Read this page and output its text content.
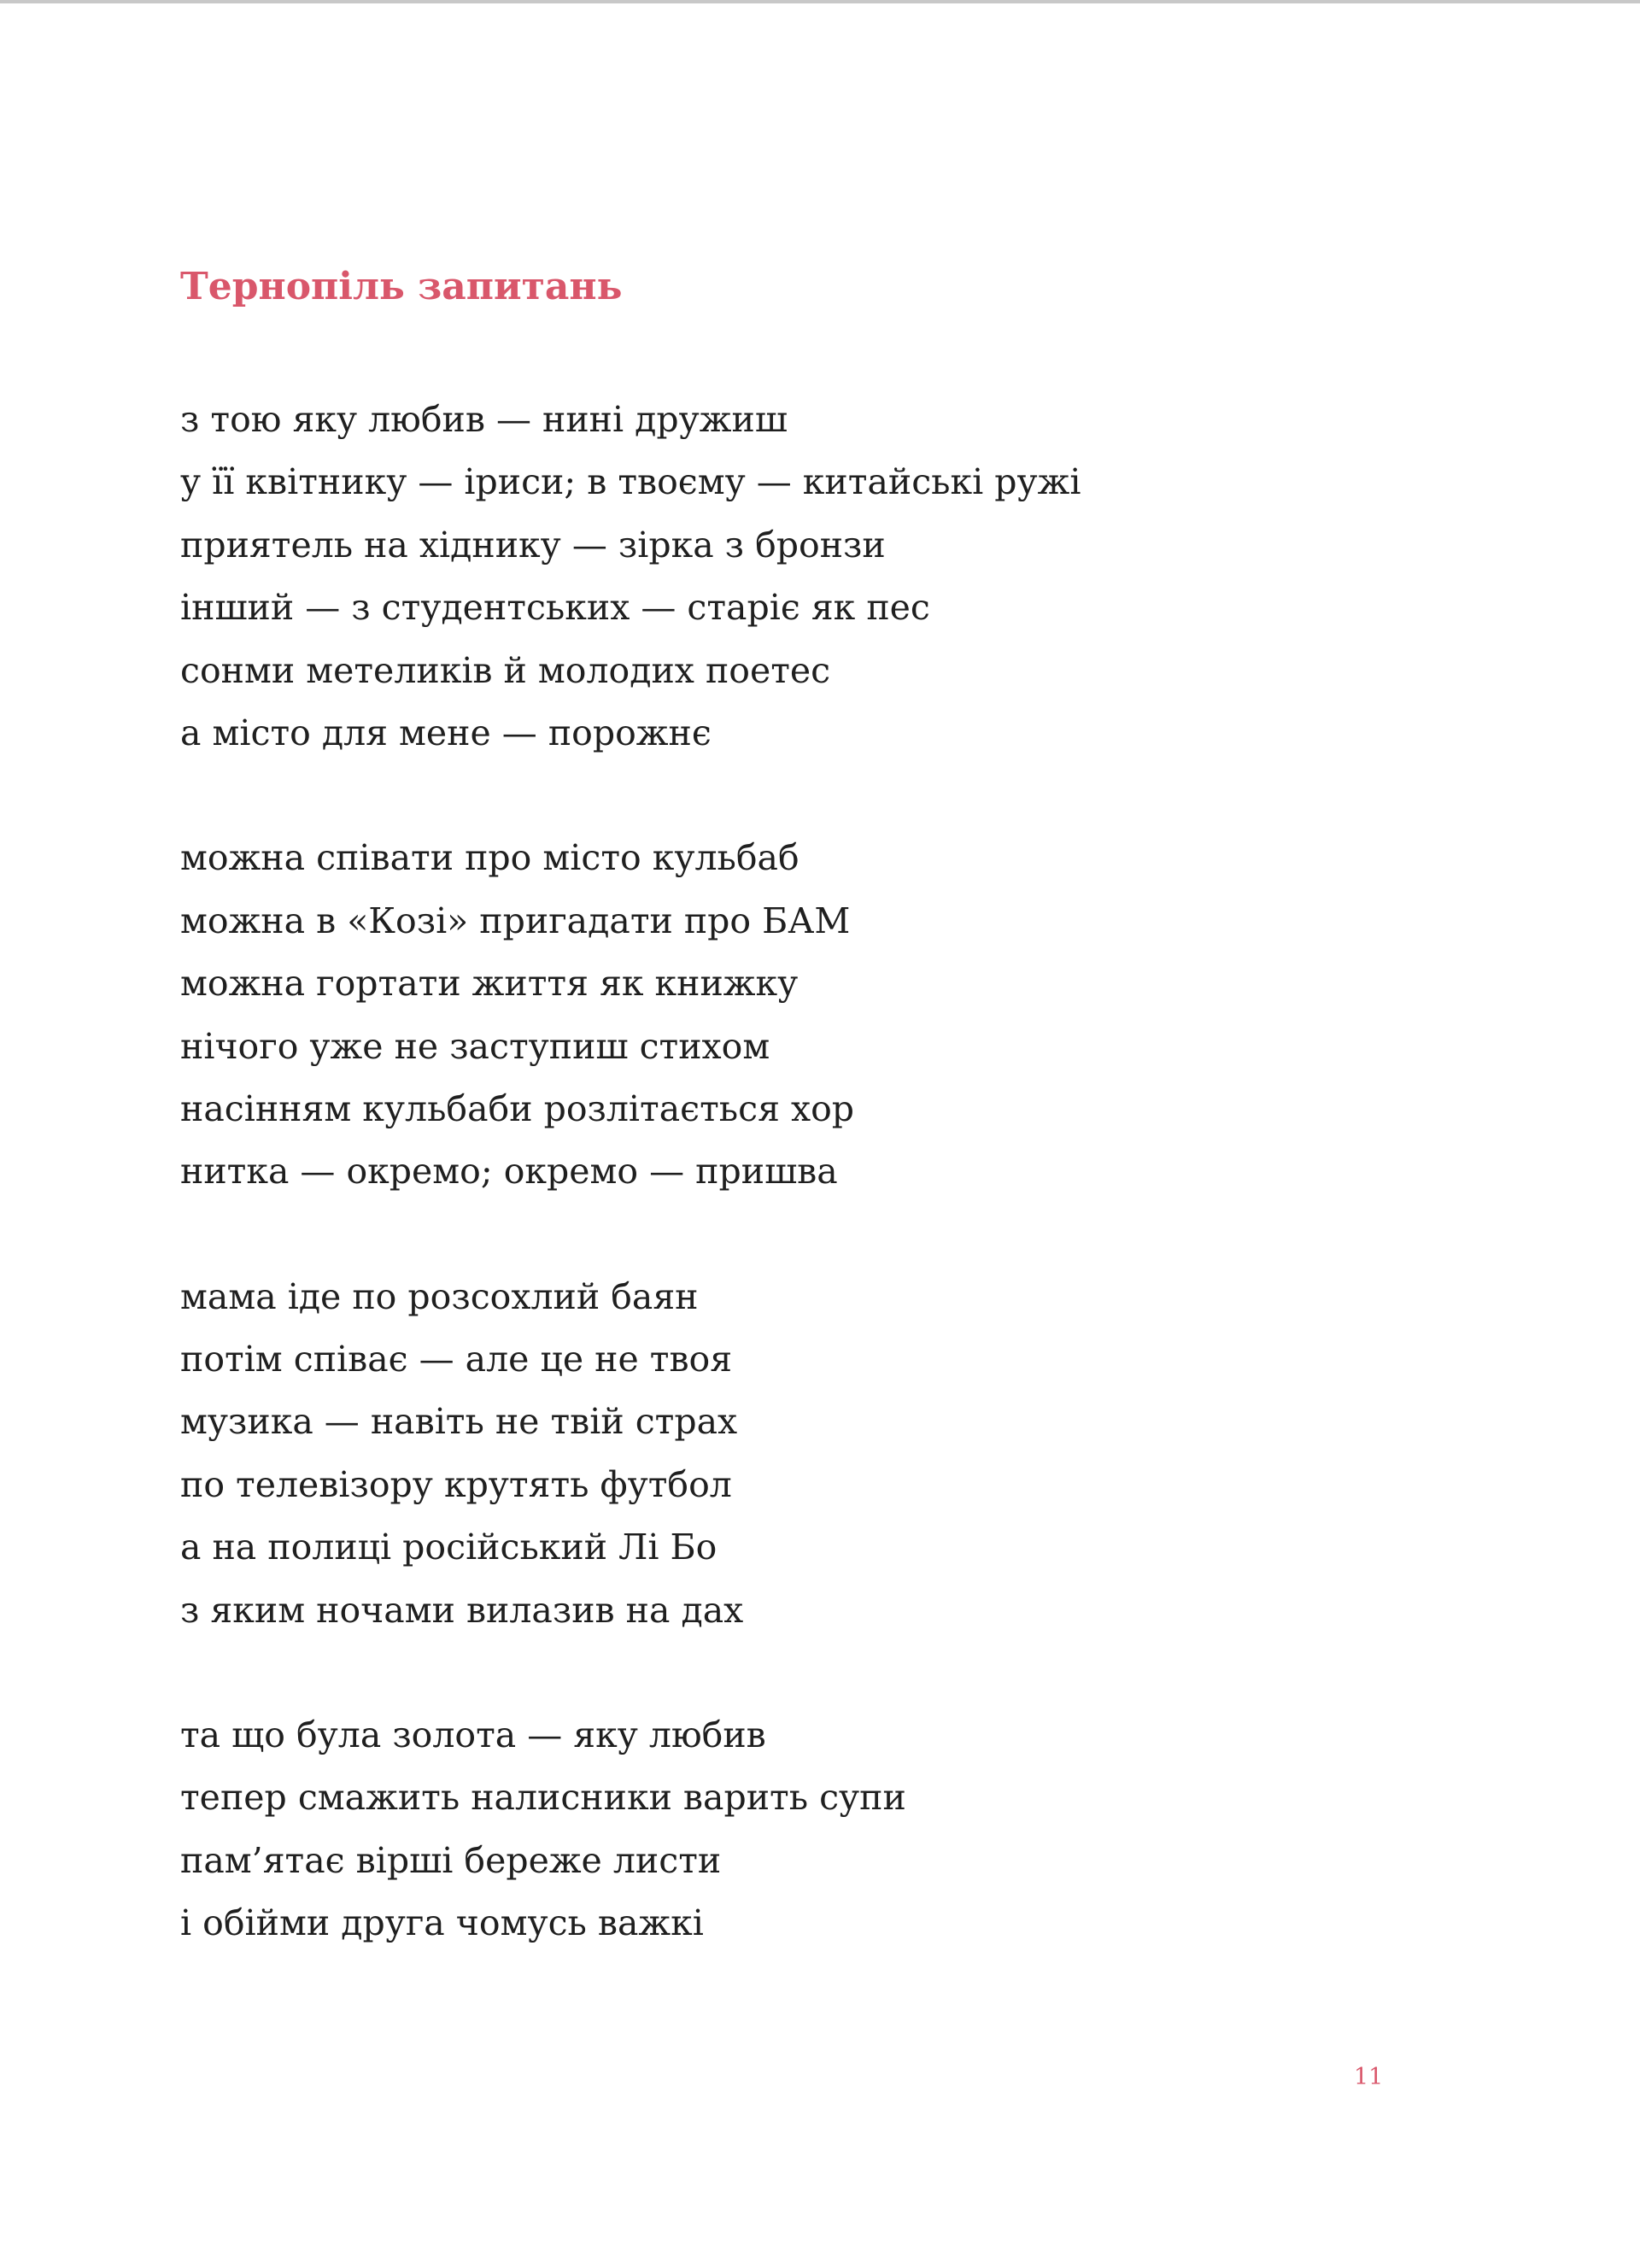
Тернопіль запитань
з тою яку любив — нині дружиш
у її квітнику — іриси; в твоєму — китайські ружі
приятель на хіднику — зірка з бронзи
інший — з студентських — старіє як пес
сонми метеликів й молодих поетес
а місто для мене — порожнє
можна співати про місто кульбаб
можна в «Козі» пригадати про БАМ
можна гортати життя як книжку
нічого уже не заступиш стихом
насінням кульбаби розлітається хор
нитка — окремо; окремо — пришва
мама іде по розсохлий баян
потім співає — але це не твоя
музика — навіть не твій страх
по телевізору крутять футбол
а на полиці російський Лі Бо
з яким ночами вилазив на дах
та що була золота — яку любив
тепер смажить налисники варить супи
пам’ятає вірші береже листи
і обійми друга чомусь важкі
11
